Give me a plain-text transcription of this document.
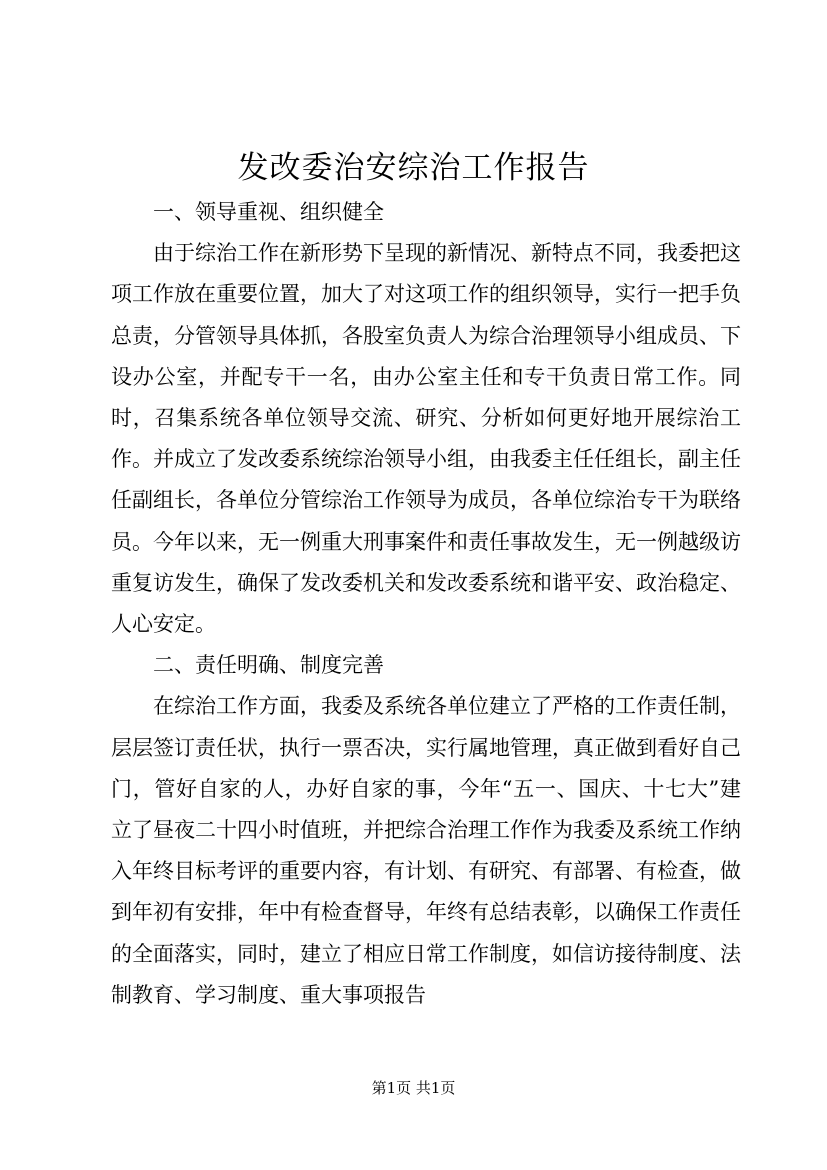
发改委治安综治工作报告

一、领导重视、组织健全

由于综治工作在新形势下呈现的新情况、新特点不同，我委把这项工作放在重要位置，加大了对这项工作的组织领导，实行一把手负总责，分管领导具体抓，各股室负责人为综合治理领导小组成员、下设办公室，并配专干一名，由办公室主任和专干负责日常工作。同时，召集系统各单位领导交流、研究、分析如何更好地开展综治工作。并成立了发改委系统综治领导小组，由我委主任任组长，副主任任副组长，各单位分管综治工作领导为成员，各单位综治专干为联络员。今年以来，无一例重大刑事案件和责任事故发生，无一例越级访重复访发生，确保了发改委机关和发改委系统和谐平安、政治稳定、人心安定。

二、责任明确、制度完善

在综治工作方面，我委及系统各单位建立了严格的工作责任制，层层签订责任状，执行一票否决，实行属地管理，真正做到看好自己门，管好自家的人，办好自家的事，今年“五一、国庆、十七大”建立了昼夜二十四小时值班，并把综合治理工作作为我委及系统工作纳入年终目标考评的重要内容，有计划、有研究、有部署、有检查，做到年初有安排，年中有检查督导，年终有总结表彰，以确保工作责任的全面落实，同时，建立了相应日常工作制度，如信访接待制度、法制教育、学习制度、重大事项报告

第1页 共1页
